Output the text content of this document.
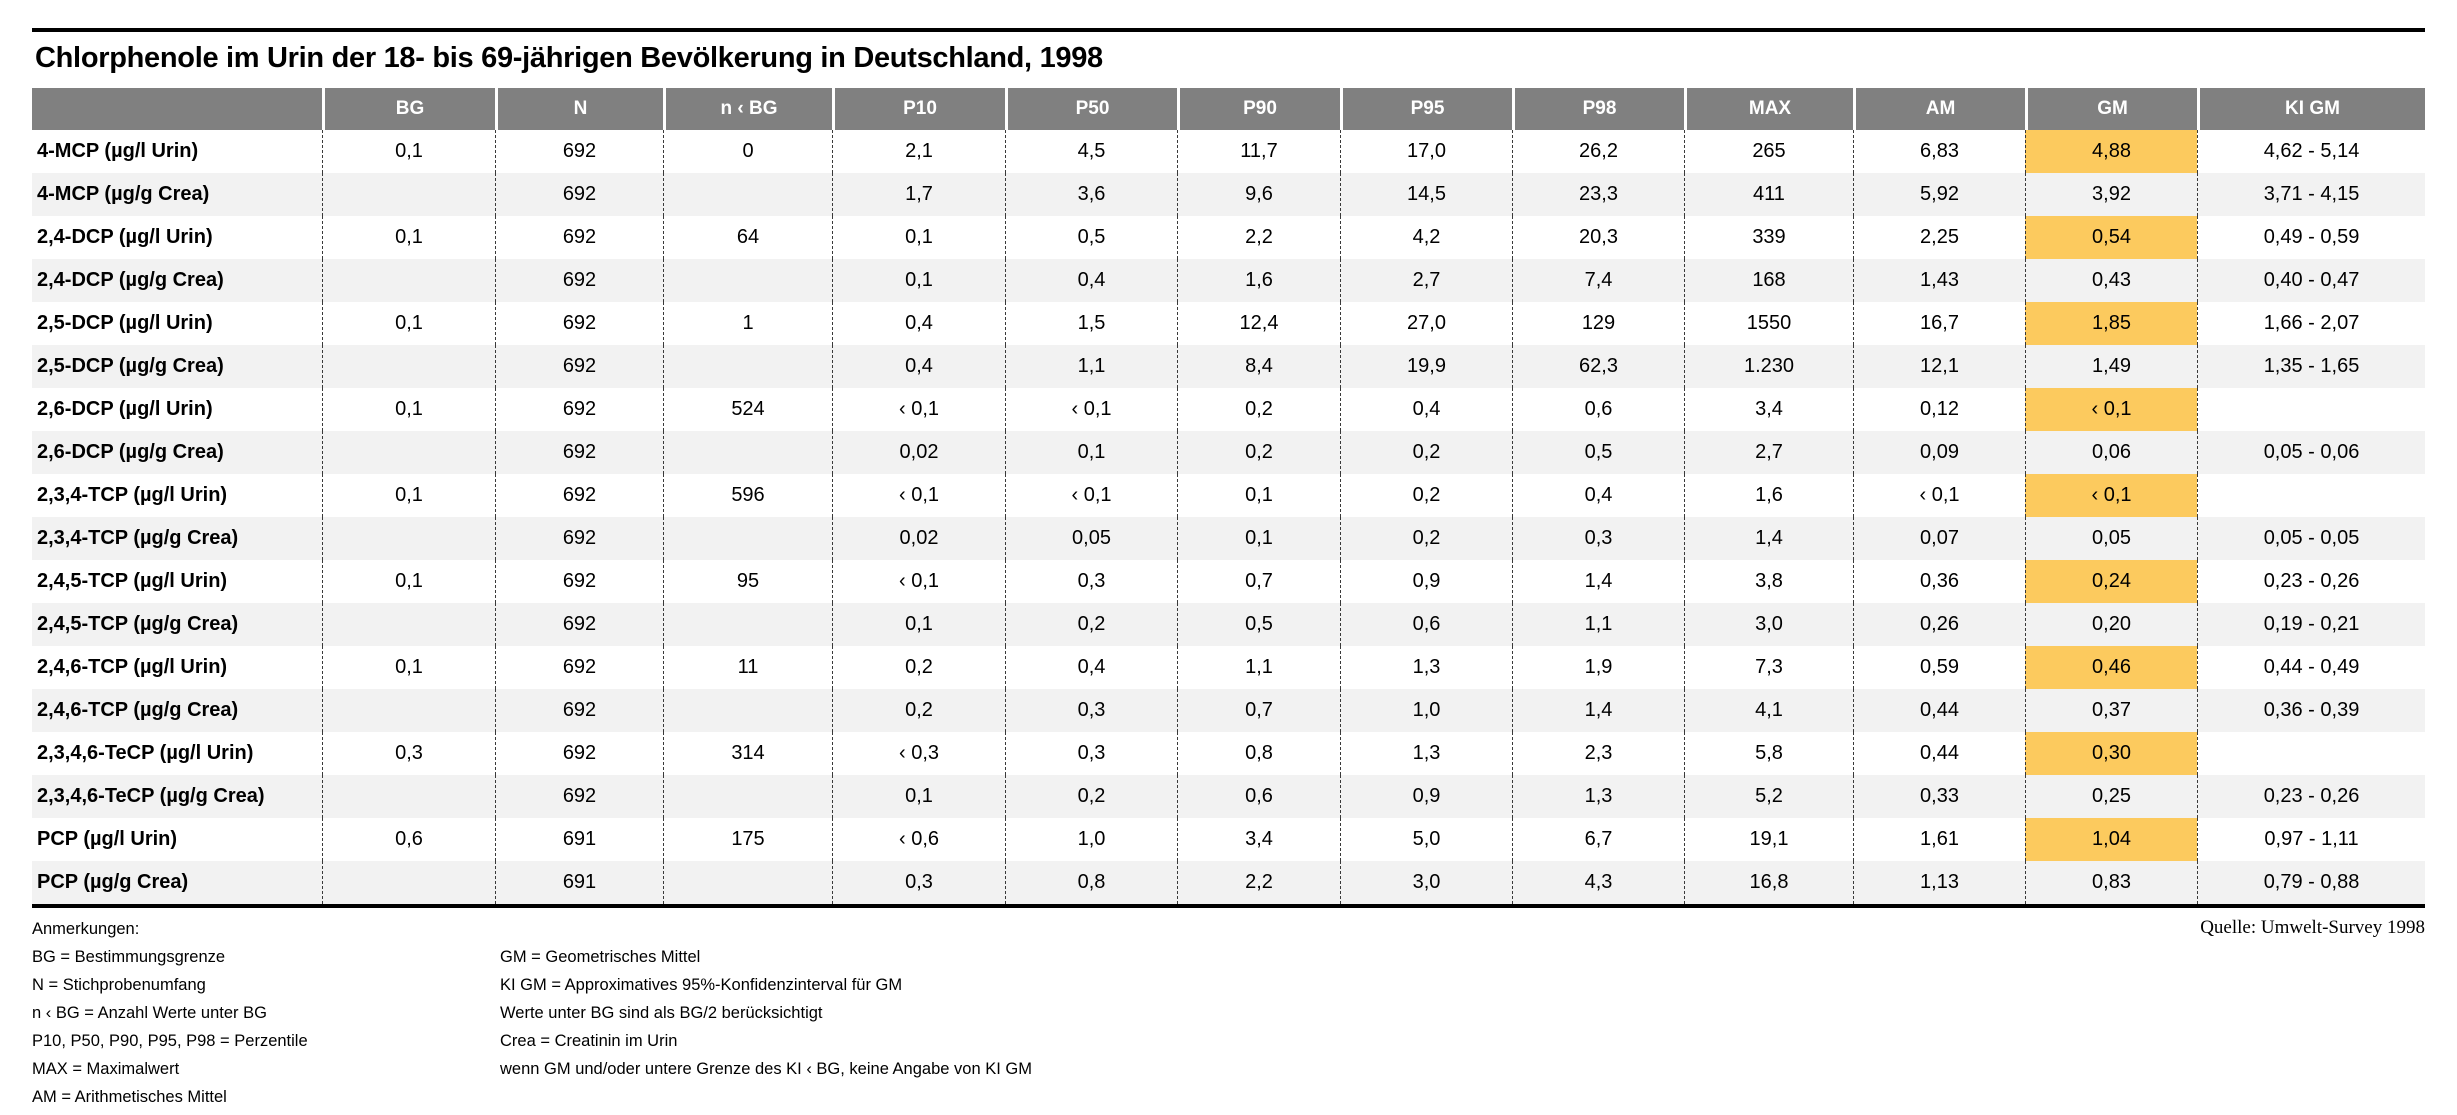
Chlorphenole im Urin der 18- bis 69-jährigen Bevölkerung in Deutschland, 1998
	BG	N	n ‹ BG	P10	P50	P90	P95	P98	MAX	AM	GM	KI GM
4-MCP (µg/l Urin)	0,1	692	0	2,1	4,5	11,7	17,0	26,2	265	6,83	4,88	4,62 - 5,14
4-MCP (µg/g Crea)		692		1,7	3,6	9,6	14,5	23,3	411	5,92	3,92	3,71 - 4,15
2,4-DCP (µg/l Urin)	0,1	692	64	0,1	0,5	2,2	4,2	20,3	339	2,25	0,54	0,49 - 0,59
2,4-DCP (µg/g Crea)		692		0,1	0,4	1,6	2,7	7,4	168	1,43	0,43	0,40 - 0,47
2,5-DCP (µg/l Urin)	0,1	692	1	0,4	1,5	12,4	27,0	129	1550	16,7	1,85	1,66 - 2,07
2,5-DCP (µg/g Crea)		692		0,4	1,1	8,4	19,9	62,3	1.230	12,1	1,49	1,35 - 1,65
2,6-DCP (µg/l Urin)	0,1	692	524	‹ 0,1	‹ 0,1	0,2	0,4	0,6	3,4	0,12	‹ 0,1	
2,6-DCP (µg/g Crea)		692		0,02	0,1	0,2	0,2	0,5	2,7	0,09	0,06	0,05 - 0,06
2,3,4-TCP (µg/l Urin)	0,1	692	596	‹ 0,1	‹ 0,1	0,1	0,2	0,4	1,6	‹ 0,1	‹ 0,1	
2,3,4-TCP (µg/g Crea)		692		0,02	0,05	0,1	0,2	0,3	1,4	0,07	0,05	0,05 - 0,05
2,4,5-TCP (µg/l Urin)	0,1	692	95	‹ 0,1	0,3	0,7	0,9	1,4	3,8	0,36	0,24	0,23 - 0,26
2,4,5-TCP (µg/g Crea)		692		0,1	0,2	0,5	0,6	1,1	3,0	0,26	0,20	0,19 - 0,21
2,4,6-TCP (µg/l Urin)	0,1	692	11	0,2	0,4	1,1	1,3	1,9	7,3	0,59	0,46	0,44 - 0,49
2,4,6-TCP (µg/g Crea)		692		0,2	0,3	0,7	1,0	1,4	4,1	0,44	0,37	0,36 - 0,39
2,3,4,6-TeCP (µg/l Urin)	0,3	692	314	‹ 0,3	0,3	0,8	1,3	2,3	5,8	0,44	0,30	
2,3,4,6-TeCP (µg/g Crea)		692		0,1	0,2	0,6	0,9	1,3	5,2	0,33	0,25	0,23 - 0,26
PCP (µg/l Urin)	0,6	691	175	‹ 0,6	1,0	3,4	5,0	6,7	19,1	1,61	1,04	0,97 - 1,11
PCP (µg/g Crea)		691		0,3	0,8	2,2	3,0	4,3	16,8	1,13	0,83	0,79 - 0,88
Anmerkungen:
BG = Bestimmungsgrenze
N = Stichprobenumfang
n ‹ BG = Anzahl Werte unter BG
P10, P50, P90, P95, P98 = Perzentile
MAX = Maximalwert
AM = Arithmetisches Mittel
GM = Geometrisches Mittel
KI GM = Approximatives 95%-Konfidenzinterval für GM
Werte unter BG sind als BG/2 berücksichtigt
Crea = Creatinin im Urin
wenn GM und/oder untere Grenze des KI ‹ BG, keine Angabe von KI GM
Quelle: Umwelt-Survey 1998
